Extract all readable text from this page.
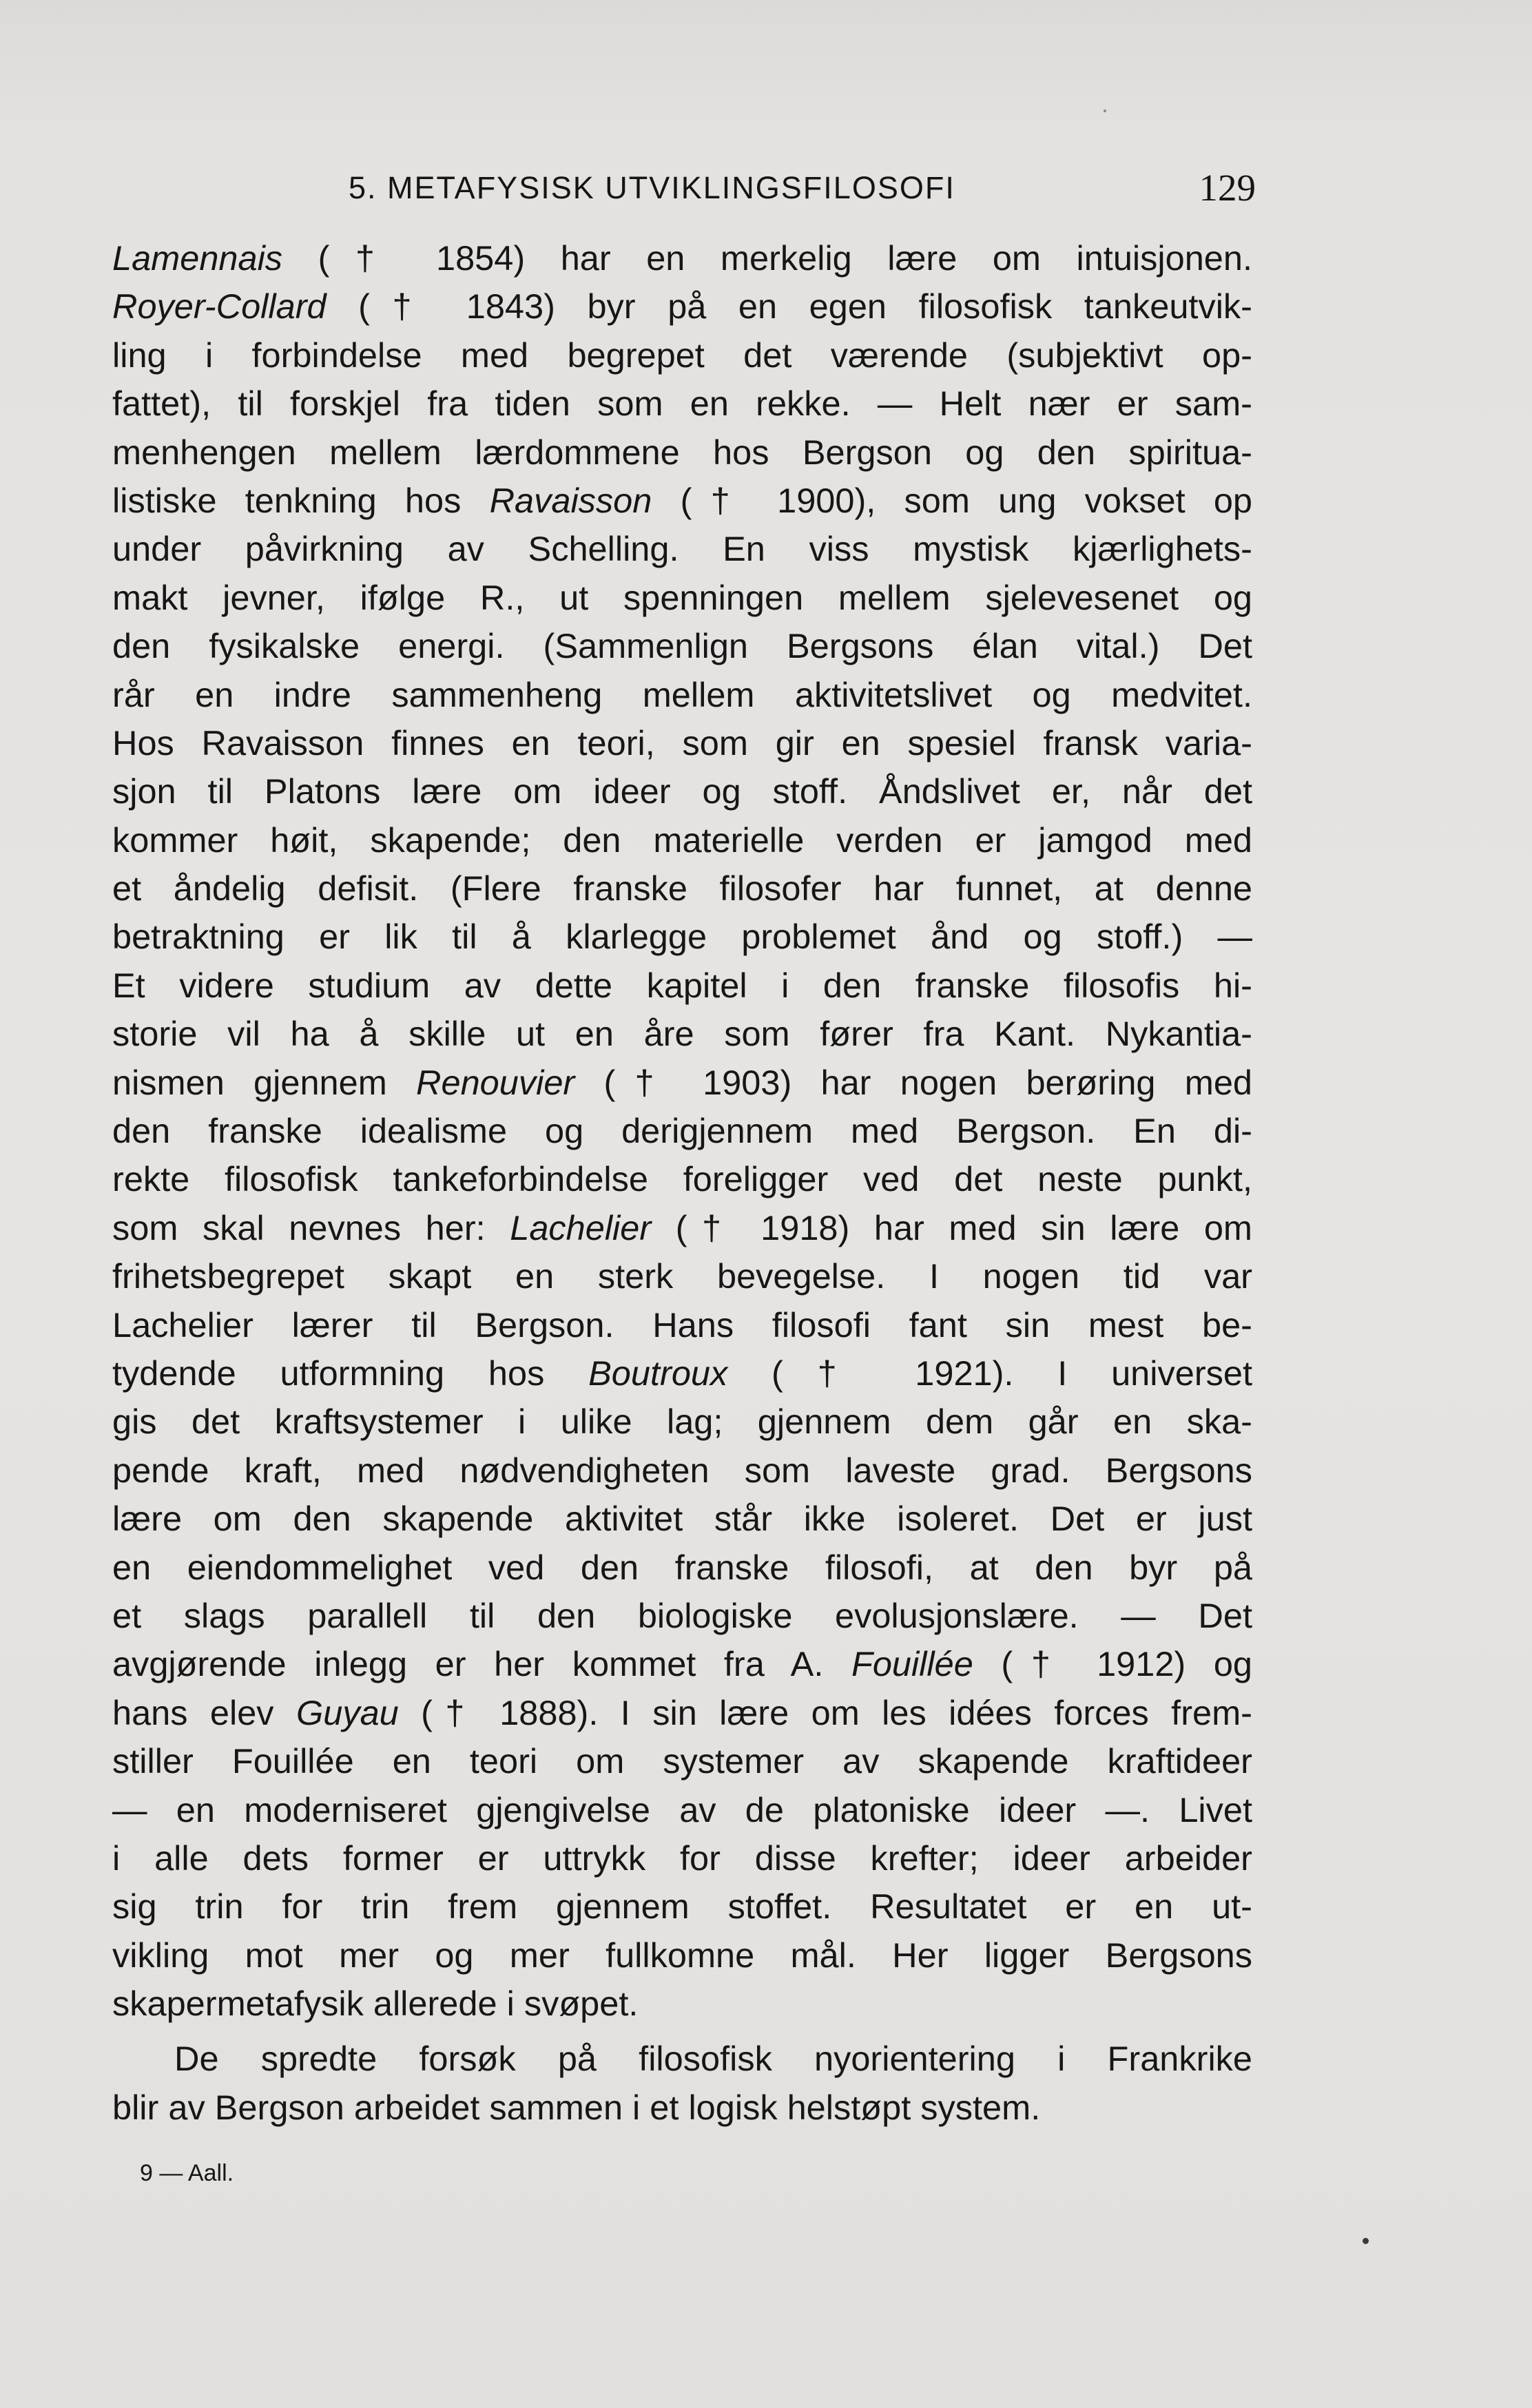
5. METAFYSISK UTVIKLINGSFILOSOFI	129
Lamennais († 1854) har en merkelig lære om intuisjonen.
Royer-Collard († 1843) byr på en egen filosofisk tankeutvik-
ling i forbindelse med begrepet det værende (subjektivt op-
fattet), til forskjel fra tiden som en rekke. — Helt nær er sam-
menhengen mellem lærdommene hos Bergson og den spiritua-
listiske tenkning hos Ravaisson († 1900), som ung vokset op
under påvirkning av Schelling. En viss mystisk kjærlighets-
makt jevner, ifølge R., ut spenningen mellem sjelevesenet og
den fysikalske energi. (Sammenlign Bergsons élan vital.) Det
rår en indre sammenheng mellem aktivitetslivet og medvitet.
Hos Ravaisson finnes en teori, som gir en spesiel fransk varia-
sjon til Platons lære om ideer og stoff. Åndslivet er, når det
kommer høit, skapende; den materielle verden er jamgod med
et åndelig defisit. (Flere franske filosofer har funnet, at denne
betraktning er lik til å klarlegge problemet ånd og stoff.) —
Et videre studium av dette kapitel i den franske filosofis hi-
storie vil ha å skille ut en åre som fører fra Kant. Nykantia-
nismen gjennem Renouvier († 1903) har nogen berøring med
den franske idealisme og derigjennem med Bergson. En di-
rekte filosofisk tankeforbindelse foreligger ved det neste punkt,
som skal nevnes her: Lachelier († 1918) har med sin lære om
frihetsbegrepet skapt en sterk bevegelse. I nogen tid var
Lachelier lærer til Bergson. Hans filosofi fant sin mest be-
tydende utformning hos Boutroux († 1921). I universet
gis det kraftsystemer i ulike lag; gjennem dem går en ska-
pende kraft, med nødvendigheten som laveste grad. Bergsons
lære om den skapende aktivitet står ikke isoleret. Det er just
en eiendommelighet ved den franske filosofi, at den byr på
et slags parallell til den biologiske evolusjonslære. — Det
avgjørende inlegg er her kommet fra A. Fouillée († 1912) og
hans elev Guyau († 1888). I sin lære om les idées forces frem-
stiller Fouillée en teori om systemer av skapende kraftideer
— en moderniseret gjengivelse av de platoniske ideer —. Livet
i alle dets former er uttrykk for disse krefter; ideer arbeider
sig trin for trin frem gjennem stoffet. Resultatet er en ut-
vikling mot mer og mer fullkomne mål. Her ligger Bergsons
skapermetafysik allerede i svøpet.
De spredte forsøk på filosofisk nyorientering i Frankrike
blir av Bergson arbeidet sammen i et logisk helstøpt system.
9 — Aall.
